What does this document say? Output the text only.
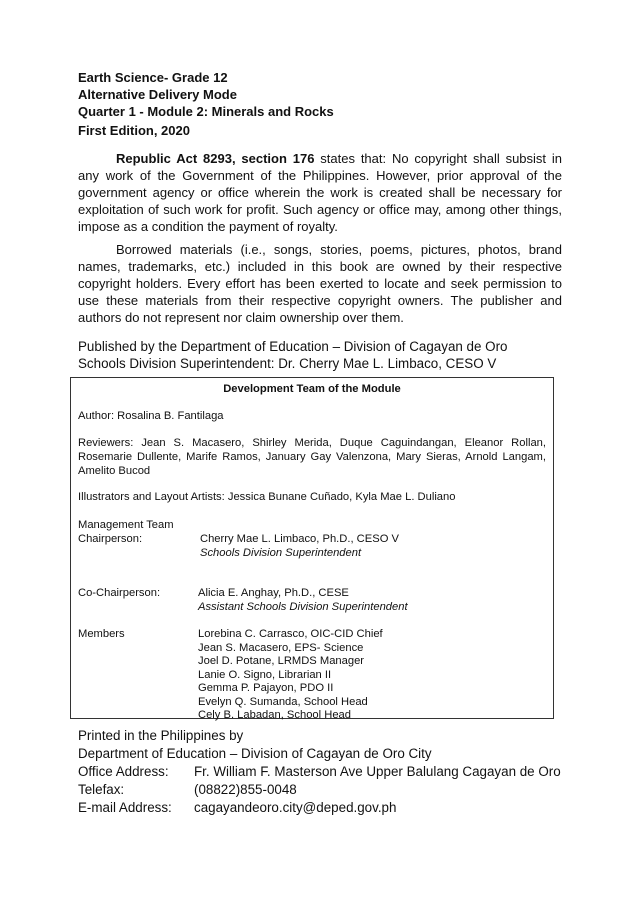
Earth Science- Grade 12
Alternative Delivery Mode
Quarter 1 - Module 2: Minerals and Rocks
First Edition, 2020

Republic Act 8293, section 176 states that: No copyright shall subsist in any work of the Government of the Philippines. However, prior approval of the government agency or office wherein the work is created shall be necessary for exploitation of such work for profit. Such agency or office may, among other things, impose as a condition the payment of royalty.

Borrowed materials (i.e., songs, stories, poems, pictures, photos, brand names, trademarks, etc.) included in this book are owned by their respective copyright holders. Every effort has been exerted to locate and seek permission to use these materials from their respective copyright owners. The publisher and authors do not represent nor claim ownership over them.

Published by the Department of Education – Division of Cagayan de Oro
Schools Division Superintendent: Dr. Cherry Mae L. Limbaco, CESO V
Development Team of the Module
Author: Rosalina B. Fantilaga
Reviewers: Jean S. Macasero, Shirley Merida, Duque Caguindangan, Eleanor Rollan, Rosemarie Dullente, Marife Ramos, January Gay Valenzona, Mary Sieras, Arnold Langam, Amelito Bucod
Illustrators and Layout Artists: Jessica Bunane Cuñado, Kyla Mae L. Duliano
Management Team
Chairperson:	Cherry Mae L. Limbaco, Ph.D., CESO V
Schools Division Superintendent
Co-Chairperson:	Alicia E. Anghay, Ph.D., CESE
Assistant Schools Division Superintendent
Members	Lorebina C. Carrasco, OIC-CID Chief
Jean S. Macasero, EPS- Science
Joel D. Potane, LRMDS Manager
Lanie O. Signo, Librarian II
Gemma P. Pajayon, PDO II
Evelyn Q. Sumanda, School Head
Cely B. Labadan, School Head
Printed in the Philippines by
Department of Education – Division of Cagayan de Oro City
Office Address:	Fr. William F. Masterson Ave Upper Balulang Cagayan de Oro
Telefax:	(08822)855-0048
E-mail Address:	cagayandeoro.city@deped.gov.ph
